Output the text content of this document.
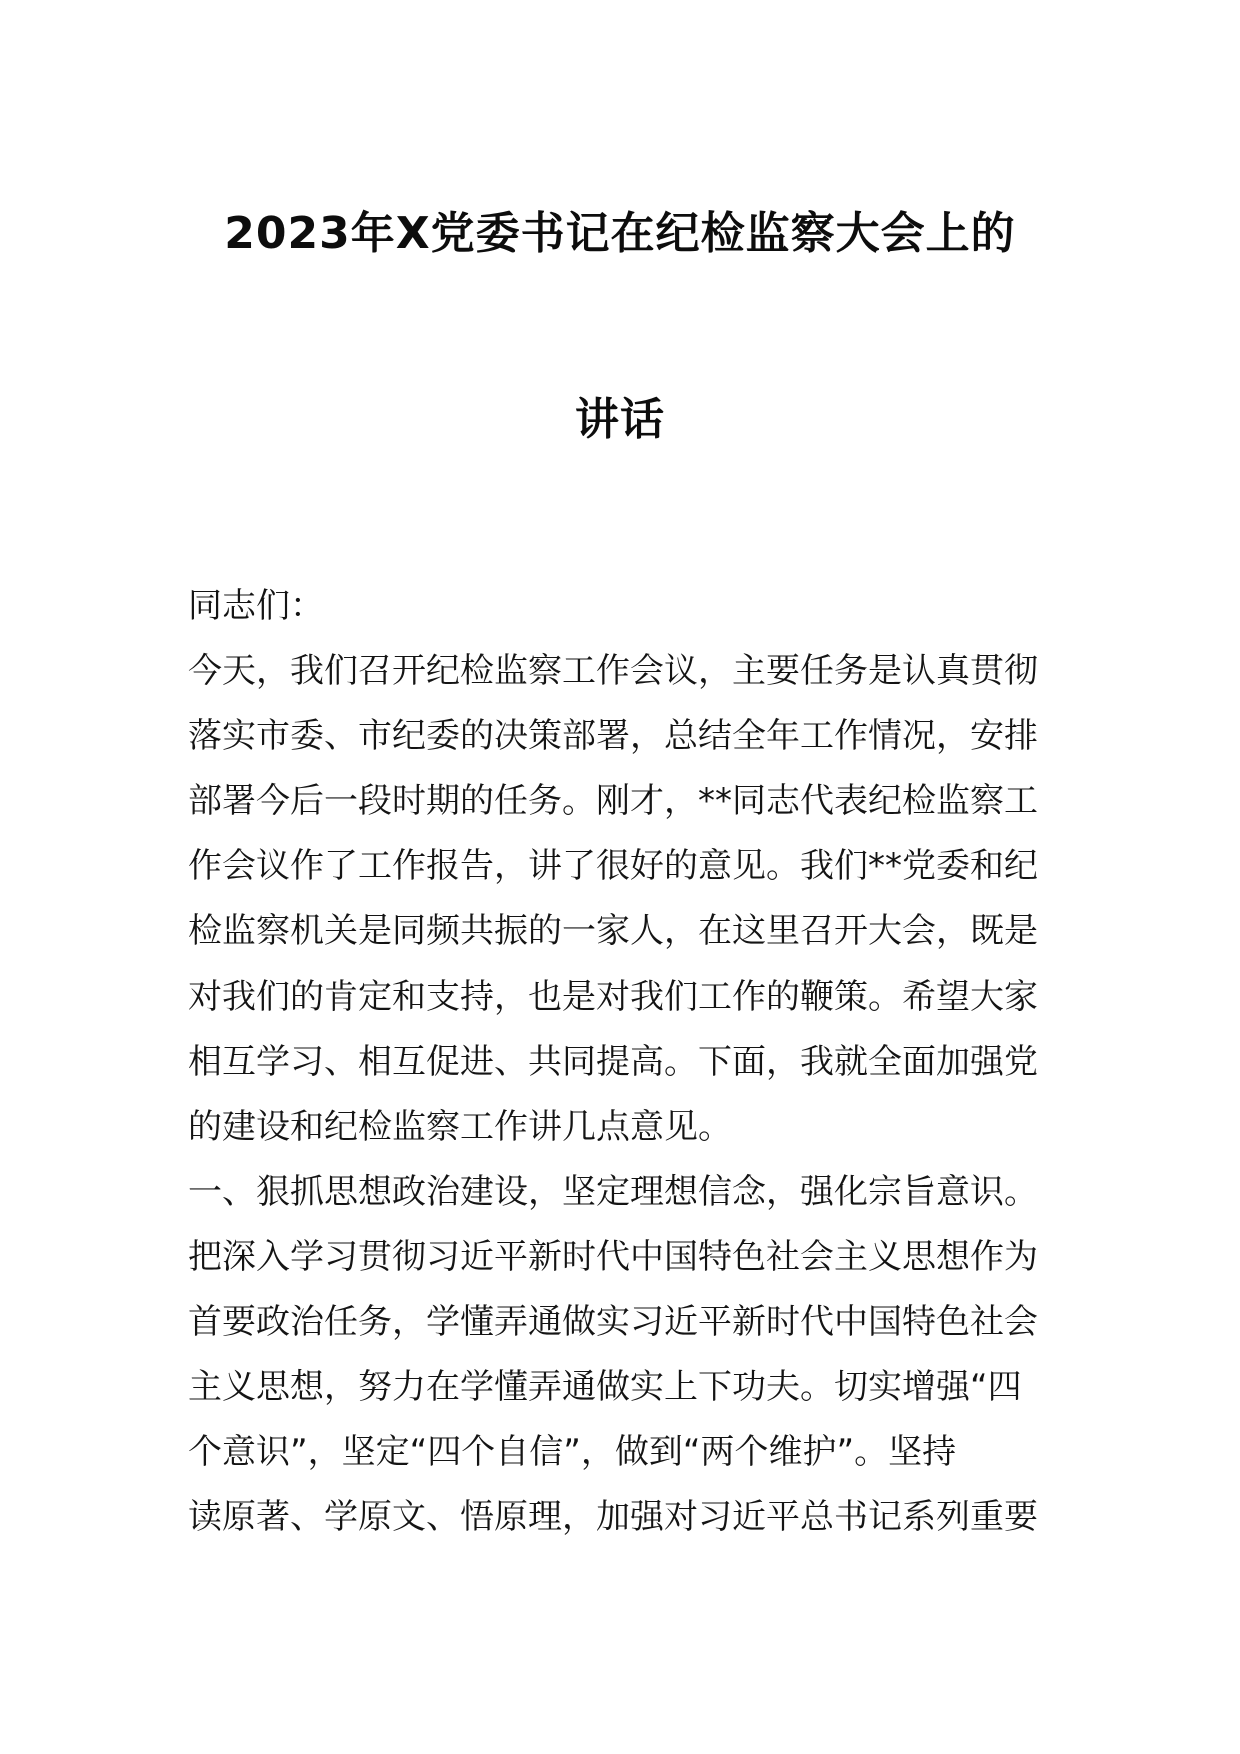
2023年X党委书记在纪检监察大会上的
讲话
同志们：
今天，我们召开纪检监察工作会议，主要任务是认真贯彻
落实市委、市纪委的决策部署，总结全年工作情况，安排
部署今后一段时期的任务。刚才，**同志代表纪检监察工
作会议作了工作报告，讲了很好的意见。我们**党委和纪
检监察机关是同频共振的一家人，在这里召开大会，既是
对我们的肯定和支持，也是对我们工作的鞭策。希望大家
相互学习、相互促进、共同提高。下面，我就全面加强党
的建设和纪检监察工作讲几点意见。
一、狠抓思想政治建设，坚定理想信念，强化宗旨意识。
把深入学习贯彻习近平新时代中国特色社会主义思想作为
首要政治任务，学懂弄通做实习近平新时代中国特色社会
主义思想，努力在学懂弄通做实上下功夫。切实增强“四
个意识”，坚定“四个自信”，做到“两个维护”。坚持
读原著、学原文、悟原理，加强对习近平总书记系列重要
